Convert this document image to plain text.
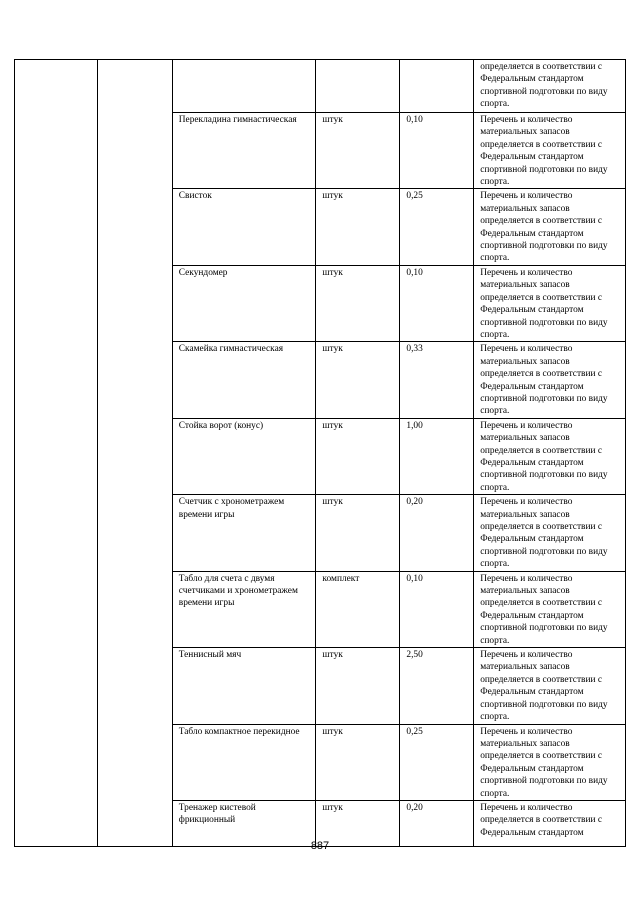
					определяется в соответствии с Федеральным стандартом спортивной подготовки по виду спорта.
		Перекладина гимнастическая	штук	0,10	Перечень и количество материальных запасов определяется в соответствии с Федеральным стандартом спортивной подготовки по виду спорта.
		Свисток	штук	0,25	Перечень и количество материальных запасов определяется в соответствии с Федеральным стандартом спортивной подготовки по виду спорта.
		Секундомер	штук	0,10	Перечень и количество материальных запасов определяется в соответствии с Федеральным стандартом спортивной подготовки по виду спорта.
		Скамейка гимнастическая	штук	0,33	Перечень и количество материальных запасов определяется в соответствии с Федеральным стандартом спортивной подготовки по виду спорта.
		Стойка ворот (конус)	штук	1,00	Перечень и количество материальных запасов определяется в соответствии с Федеральным стандартом спортивной подготовки по виду спорта.
		Счетчик с хронометражем времени игры	штук	0,20	Перечень и количество материальных запасов определяется в соответствии с Федеральным стандартом спортивной подготовки по виду спорта.
		Табло для счета с двумя счетчиками и хронометражем времени игры	комплект	0,10	Перечень и количество материальных запасов определяется в соответствии с Федеральным стандартом спортивной подготовки по виду спорта.
		Теннисный мяч	штук	2,50	Перечень и количество материальных запасов определяется в соответствии с Федеральным стандартом спортивной подготовки по виду спорта.
		Табло компактное перекидное	штук	0,25	Перечень и количество материальных запасов определяется в соответствии с Федеральным стандартом спортивной подготовки по виду спорта.
		Тренажер кистевой фрикционный	штук	0,20	Перечень и количество определяется в соответствии с Федеральным стандартом
887
